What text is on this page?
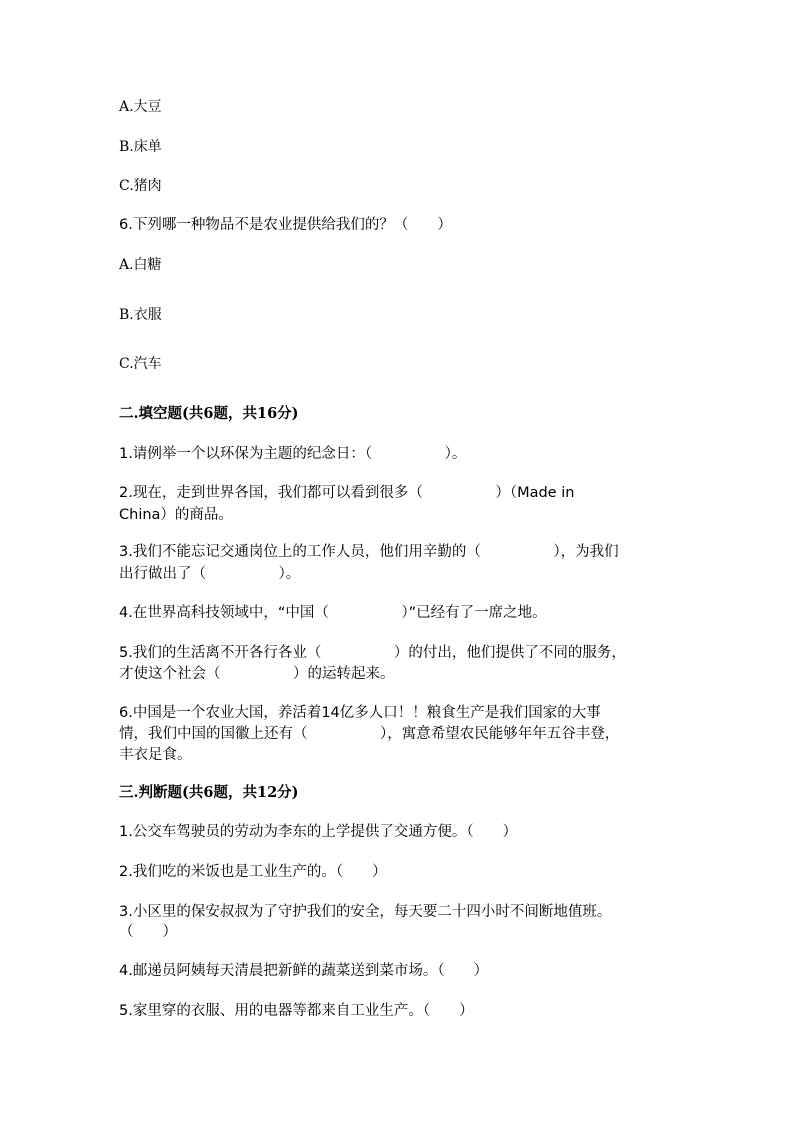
A.大豆
B.床单
C.猪肉
6.下列哪一种物品不是农业提供给我们的？（　　）
A.白糖
B.衣服
C.汽车
二.填空题(共6题，共16分)
1.请例举一个以环保为主题的纪念日：（　　　　　）。
2.现在，走到世界各国，我们都可以看到很多（　　　　　）（Made in
China）的商品。
3.我们不能忘记交通岗位上的工作人员，他们用辛勤的（　　　　　），为我们
出行做出了（　　　　　）。
4.在世界高科技领域中，“中国（　　　　　）”已经有了一席之地。
5.我们的生活离不开各行各业（　　　　　）的付出，他们提供了不同的服务，
才使这个社会（　　　　　）的运转起来。
6.中国是一个农业大国，养活着14亿多人口！！粮食生产是我们国家的大事
情，我们中国的国徽上还有（　　　　　），寓意希望农民能够年年五谷丰登，
丰衣足食。
三.判断题(共6题，共12分)
1.公交车驾驶员的劳动为李东的上学提供了交通方便。（　　）
2.我们吃的米饭也是工业生产的。（　　）
3.小区里的保安叔叔为了守护我们的安全，每天要二十四小时不间断地值班。
（　　）
4.邮递员阿姨每天清晨把新鲜的蔬菜送到菜市场。（　　）
5.家里穿的衣服、用的电器等都来自工业生产。（　　）
